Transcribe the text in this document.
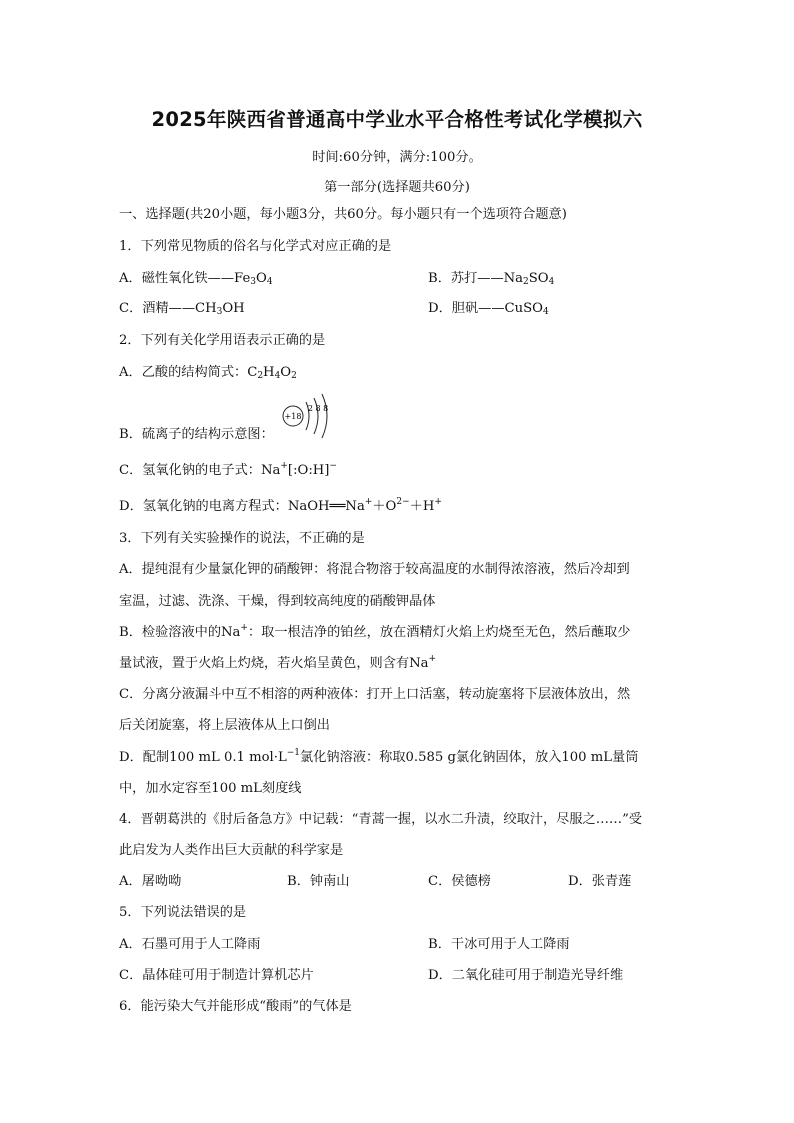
2025年陕西省普通高中学业水平合格性考试化学模拟六
时间:60分钟，满分:100分。
第一部分(选择题共60分)
一、选择题(共20小题，每小题3分，共60分。每小题只有一个选项符合题意)
1．下列常见物质的俗名与化学式对应正确的是
A．磁性氧化铁$——Fe_3O_4$	B．苏打$——Na_2SO_4$
C．酒精$——CH_3OH$	D．胆矾——CuSO$_4$
2．下列有关化学用语表示正确的是
A．乙酸的结构简式：$C_2H_4O_2$
B．硫离子的结构示意图：
+18
2 8 8
C．氢氧化钠的电子式：Na+[:O:H]−
D．氢氧化钠的电离方程式：$NaOH══Na^++O^{2-}+H^+$
3．下列有关实验操作的说法，不正确的是
A．提纯混有少量氯化钾的硝酸钾：将混合物溶于较高温度的水制得浓溶液，然后冷却到
室温，过滤、洗涤、干燥，得到较高纯度的硝酸钾晶体
B．检验溶液中的Na+：取一根洁净的铂丝，放在酒精灯火焰上灼烧至无色，然后蘸取少
量试液，置于火焰上灼烧，若火焰呈黄色，则含有Na+
C．分离分液漏斗中互不相溶的两种液体：打开上口活塞，转动旋塞将下层液体放出，然
后关闭旋塞，将上层液体从上口倒出
D．配制100 mL 0.1 $mol\cdot L^{-1}$氯化钠溶液：称取0.585 g氯化钠固体，放入100 mL量筒
中，加水定容至100 mL刻度线
4．晋朝葛洪的《肘后备急方》中记载：“青蒿一握，以水二升渍，绞取汁，尽服之……”受
此启发为人类作出巨大贡献的科学家是
A．屠呦呦	B．钟南山	C．侯德榜	D．张青莲
5．下列说法错误的是
A．石墨可用于人工降雨	B．干冰可用于人工降雨
C．晶体硅可用于制造计算机芯片	D．二氧化硅可用于制造光导纤维
6．能污染大气并能形成“酸雨”的气体是
